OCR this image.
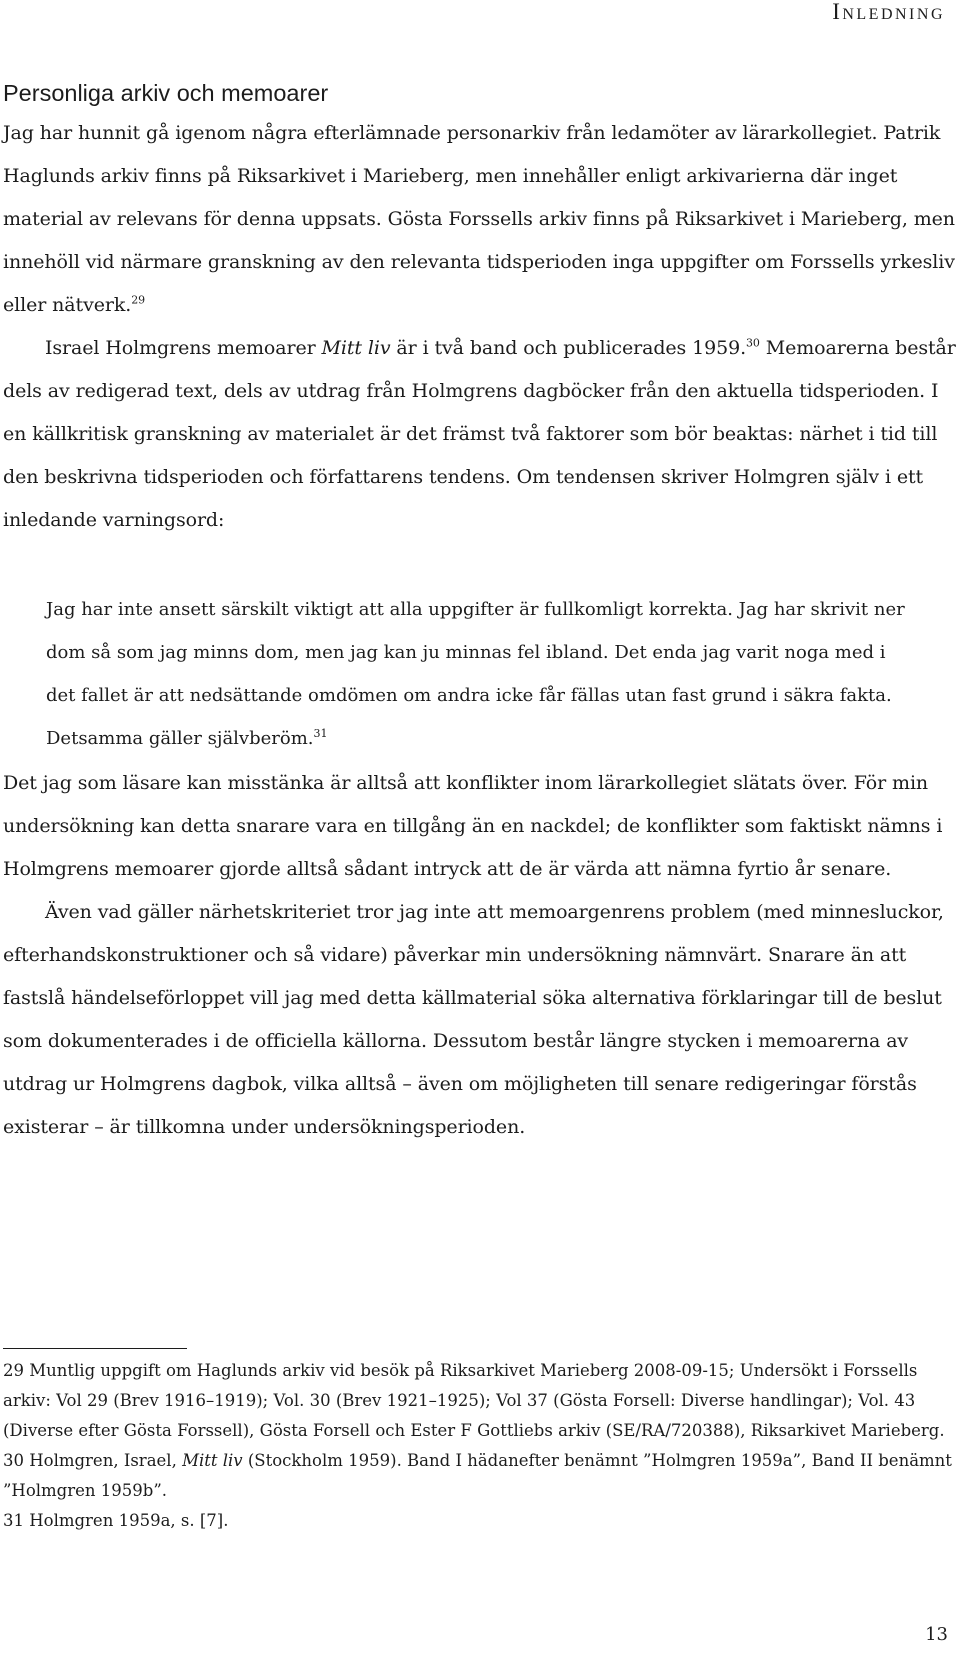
Inledning
Personliga arkiv och memoarer

Jag har hunnit gå igenom några efterlämnade personarkiv från ledamöter av lärarkollegiet. Patrik Haglunds arkiv finns på Riksarkivet i Marieberg, men innehåller enligt arkivarierna där inget material av relevans för denna uppsats. Gösta Forssells arkiv finns på Riksarkivet i Marieberg, men innehöll vid närmare granskning av den relevanta tidsperioden inga uppgifter om Forssells yrkesliv eller nätverk.$^{29}$

Israel Holmgrens memoarer Mitt liv är i två band och publicerades 1959.30 Memoarerna består dels av redigerad text, dels av utdrag från Holmgrens dagböcker från den aktuella tidsperioden. I en källkritisk granskning av materialet är det främst två faktorer som bör beaktas: närhet i tid till den beskrivna tidsperioden och författarens tendens. Om tendensen skriver Holmgren själv i ett inledande varningsord:

Jag har inte ansett särskilt viktigt att alla uppgifter är fullkomligt korrekta. Jag har skrivit ner dom så som jag minns dom, men jag kan ju minnas fel ibland. Det enda jag varit noga med i det fallet är att nedsättande omdömen om andra icke får fällas utan fast grund i säkra fakta. Detsamma gäller självberöm.$^{31}$

Det jag som läsare kan misstänka är alltså att konflikter inom lärarkollegiet slätats över. För min undersökning kan detta snarare vara en tillgång än en nackdel; de konflikter som faktiskt nämns i Holmgrens memoarer gjorde alltså sådant intryck att de är värda att nämna fyrtio år senare.

Även vad gäller närhetskriteriet tror jag inte att memoargenrens problem (med minnesluckor, efterhandskonstruktioner och så vidare) påverkar min undersökning nämnvärt. Snarare än att fastslå händelseförloppet vill jag med detta källmaterial söka alternativa förklaringar till de beslut som dokumenterades i de officiella källorna. Dessutom består längre stycken i memoarerna av utdrag ur Holmgrens dagbok, vilka alltså – även om möjligheten till senare redigeringar förstås existerar – är tillkomna under undersökningsperioden.

29 Muntlig uppgift om Haglunds arkiv vid besök på Riksarkivet Marieberg 2008-09-15; Undersökt i Forssells arkiv: Vol 29 (Brev 1916–1919); Vol. 30 (Brev 1921–1925); Vol 37 (Gösta Forsell: Diverse handlingar); Vol. 43 (Diverse efter Gösta Forssell), Gösta Forsell och Ester F Gottliebs arkiv (SE/RA/720388), Riksarkivet Marieberg.

30 Holmgren, Israel, Mitt liv (Stockholm 1959). Band I hädanefter benämnt ”Holmgren 1959a”, Band II benämnt ”Holmgren 1959b”.

31 Holmgren 1959a, s. [7].

13
